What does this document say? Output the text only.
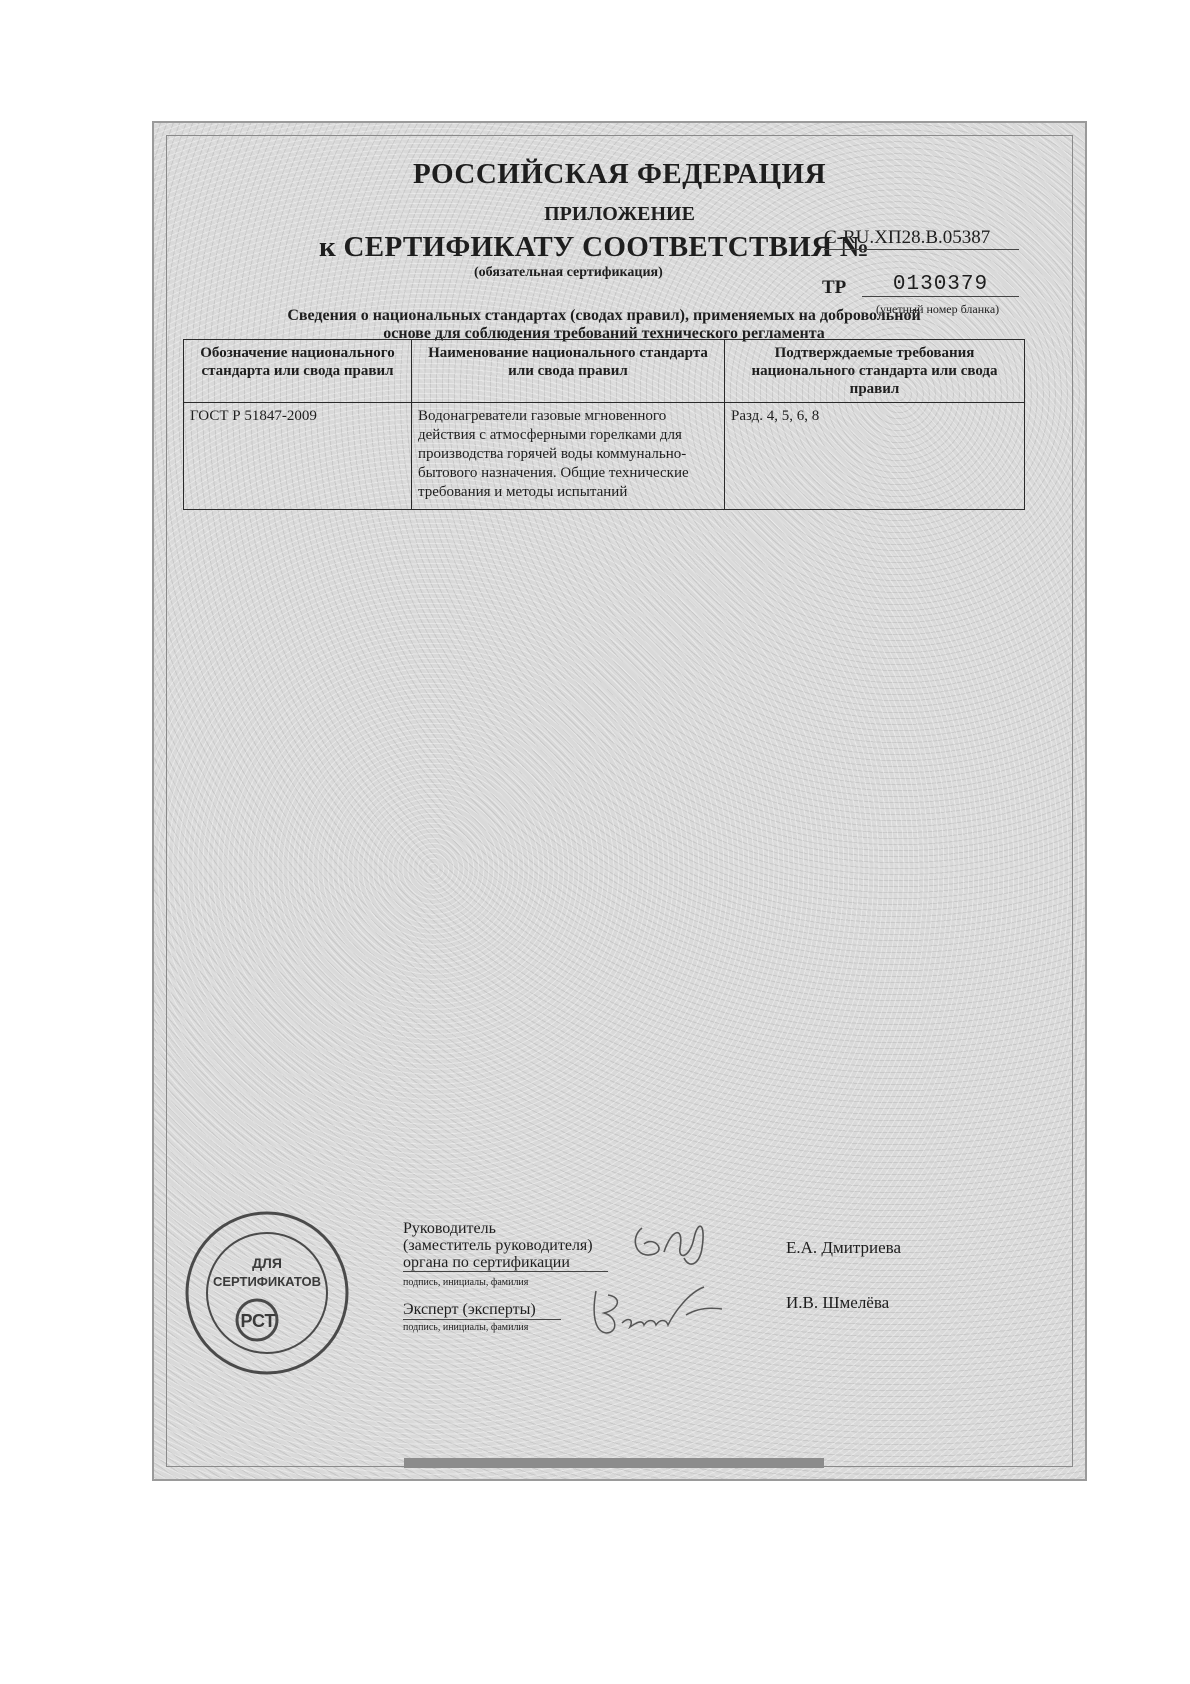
РОССИЙСКАЯ ФЕДЕРАЦИЯ
ПРИЛОЖЕНИЕ
к СЕРТИФИКАТУ СООТВЕТСТВИЯ №
C-RU.ХП28.В.05387
(обязательная сертификация)
ТР	0130379
(учетный номер бланка)
Сведения о национальных стандартах (сводах правил), применяемых на добровольной
основе для соблюдения требований технического регламента
Обозначение национального стандарта или свода правил	Наименование национального стандарта или свода правил	Подтверждаемые требования национального стандарта или свода правил
ГОСТ Р 51847-2009	Водонагреватели газовые мгновенного действия с атмосферными горелками для производства горячей воды коммунально-бытового назначения. Общие технические требования и методы испытаний	Разд. 4, 5, 6, 8
Руководитель
(заместитель руководителя)
органа по сертификации
подпись, инициалы, фамилия
Эксперт (эксперты)
подпись, инициалы, фамилия
Е.А. Дмитриева
И.В. Шмелёва
ДЛЯ
СЕРТИФИКАТОВ
РСТ
